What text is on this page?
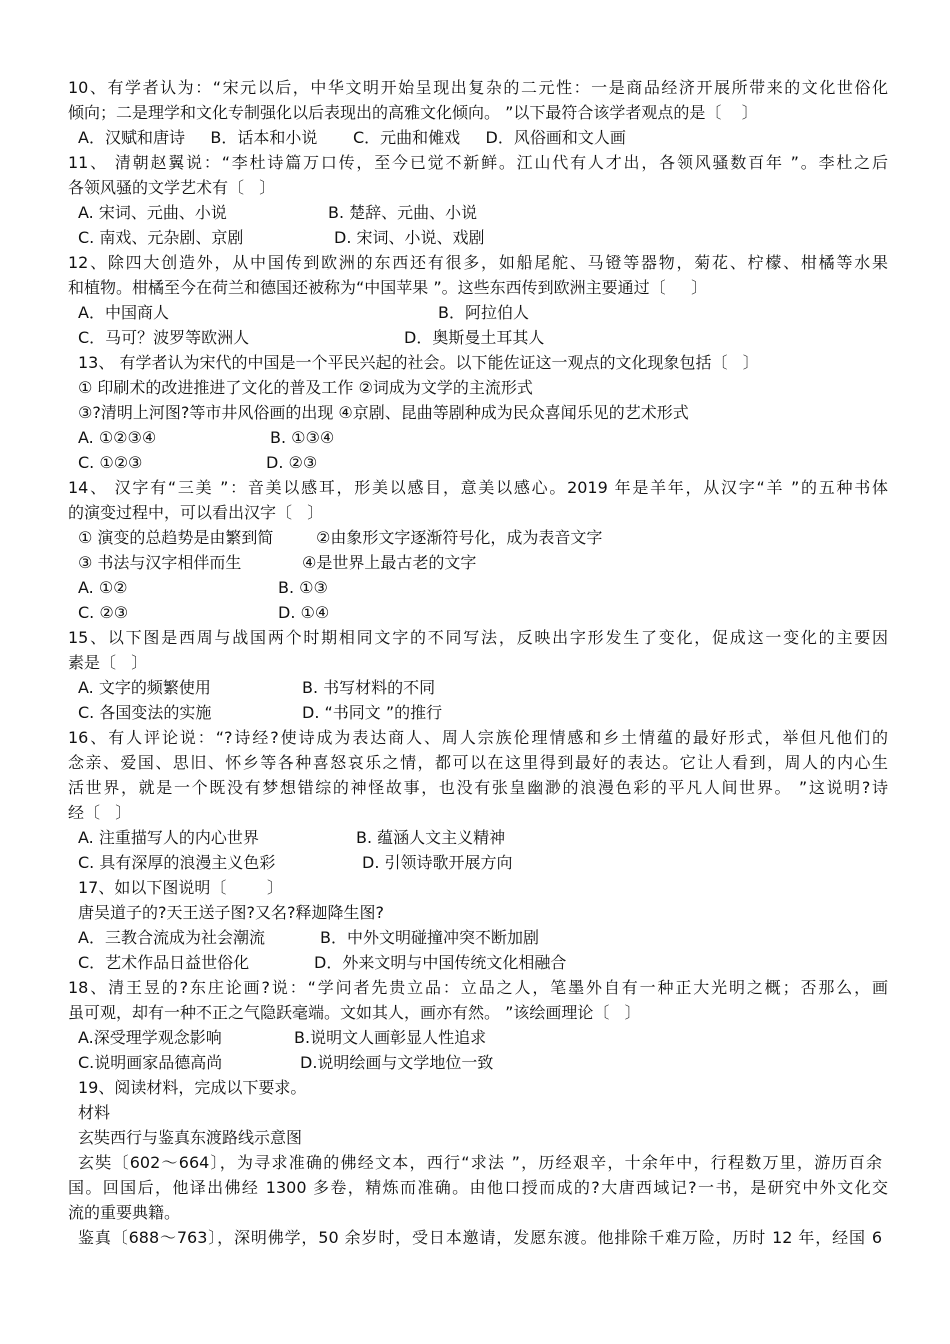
10、有学者认为：“宋元以后，中华文明开始呈现出复杂的二元性：一是商品经济开展所带来的文化世俗化
倾向；二是理学和文化专制强化以后表现出的高雅文化倾向。 ”以下最符合该学者观点的是〔    〕
A．汉赋和唐诗     B．话本和小说       C．元曲和傩戏     D．风俗画和文人画
11、 清朝赵翼说：“李杜诗篇万口传，至今已觉不新鲜。江山代有人才出，各领风骚数百年 ”。李杜之后
各领风骚的文学艺术有〔   〕
A. 宋词、元曲、小说	B. 楚辞、元曲、小说
C. 南戏、元杂剧、京剧	D. 宋词、小说、戏剧
12、除四大创造外，从中国传到欧洲的东西还有很多，如船尾舵、马镫等器物，菊花、柠檬、柑橘等水果
和植物。柑橘至今在荷兰和德国还被称为“中国苹果 ”。这些东西传到欧洲主要通过〔     〕
A．中国商人	B．阿拉伯人
C．马可？波罗等欧洲人	D．奥斯曼土耳其人
13、 有学者认为宋代的中国是一个平民兴起的社会。以下能佐证这一观点的文化现象包括〔   〕
① 印刷术的改进推进了文化的普及工作 ②词成为文学的主流形式
③?清明上河图?等市井风俗画的出现 ④京剧、昆曲等剧种成为民众喜闻乐见的艺术形式
A. ①②③④	B. ①③④
C. ①②③	D. ②③
14、 汉字有“三美 ”：音美以感耳，形美以感目，意美以感心。2019 年是羊年，从汉字“羊 ”的五种书体
的演变过程中，可以看出汉字〔   〕
① 演变的总趋势是由繁到简	②由象形文字逐渐符号化，成为表音文字
③ 书法与汉字相伴而生	④是世界上最古老的文字
A. ①②	B. ①③
C. ②③	D. ①④
15、以下图是西周与战国两个时期相同文字的不同写法，反映出字形发生了变化，促成这一变化的主要因
素是〔   〕
A. 文字的频繁使用	B. 书写材料的不同
C. 各国变法的实施	D. “书同文 ”的推行
16、有人评论说：“?诗经?使诗成为表达商人、周人宗族伦理情感和乡土情蕴的最好形式，举但凡他们的
念亲、爱国、思旧、怀乡等各种喜怒哀乐之情，都可以在这里得到最好的表达。它让人看到，周人的内心生
活世界，就是一个既没有梦想错综的神怪故事，也没有张皇幽渺的浪漫色彩的平凡人间世界。 ”这说明?诗
经〔   〕
A. 注重描写人的内心世界	B. 蕴涵人文主义精神
C. 具有深厚的浪漫主义色彩	D. 引领诗歌开展方向
17、如以下图说明〔        〕
唐吴道子的?天王送子图?又名?释迦降生图?
A．三教合流成为社会潮流	B．中外文明碰撞冲突不断加剧
C．艺术作品日益世俗化	D．外来文明与中国传统文化相融合
18、清王昱的?东庄论画?说：“学问者先贵立品：立品之人，笔墨外自有一种正大光明之概；否那么，画
虽可观，却有一种不正之气隐跃毫端。文如其人，画亦有然。 ”该绘画理论〔   〕
A.深受理学观念影响	B.说明文人画彰显人性追求
C.说明画家品德高尚	D.说明绘画与文学地位一致
19、阅读材料，完成以下要求。
材料
玄奘西行与鉴真东渡路线示意图
玄奘〔602～664〕，为寻求准确的佛经文本，西行“求法 ”，历经艰辛，十余年中，行程数万里，游历百余
国。回国后，他译出佛经 1300 多卷，精炼而准确。由他口授而成的?大唐西域记?一书，是研究中外文化交
流的重要典籍。
鉴真〔688～763〕，深明佛学，50 余岁时，受日本邀请，发愿东渡。他排除千难万险，历时 12 年，经国 6
